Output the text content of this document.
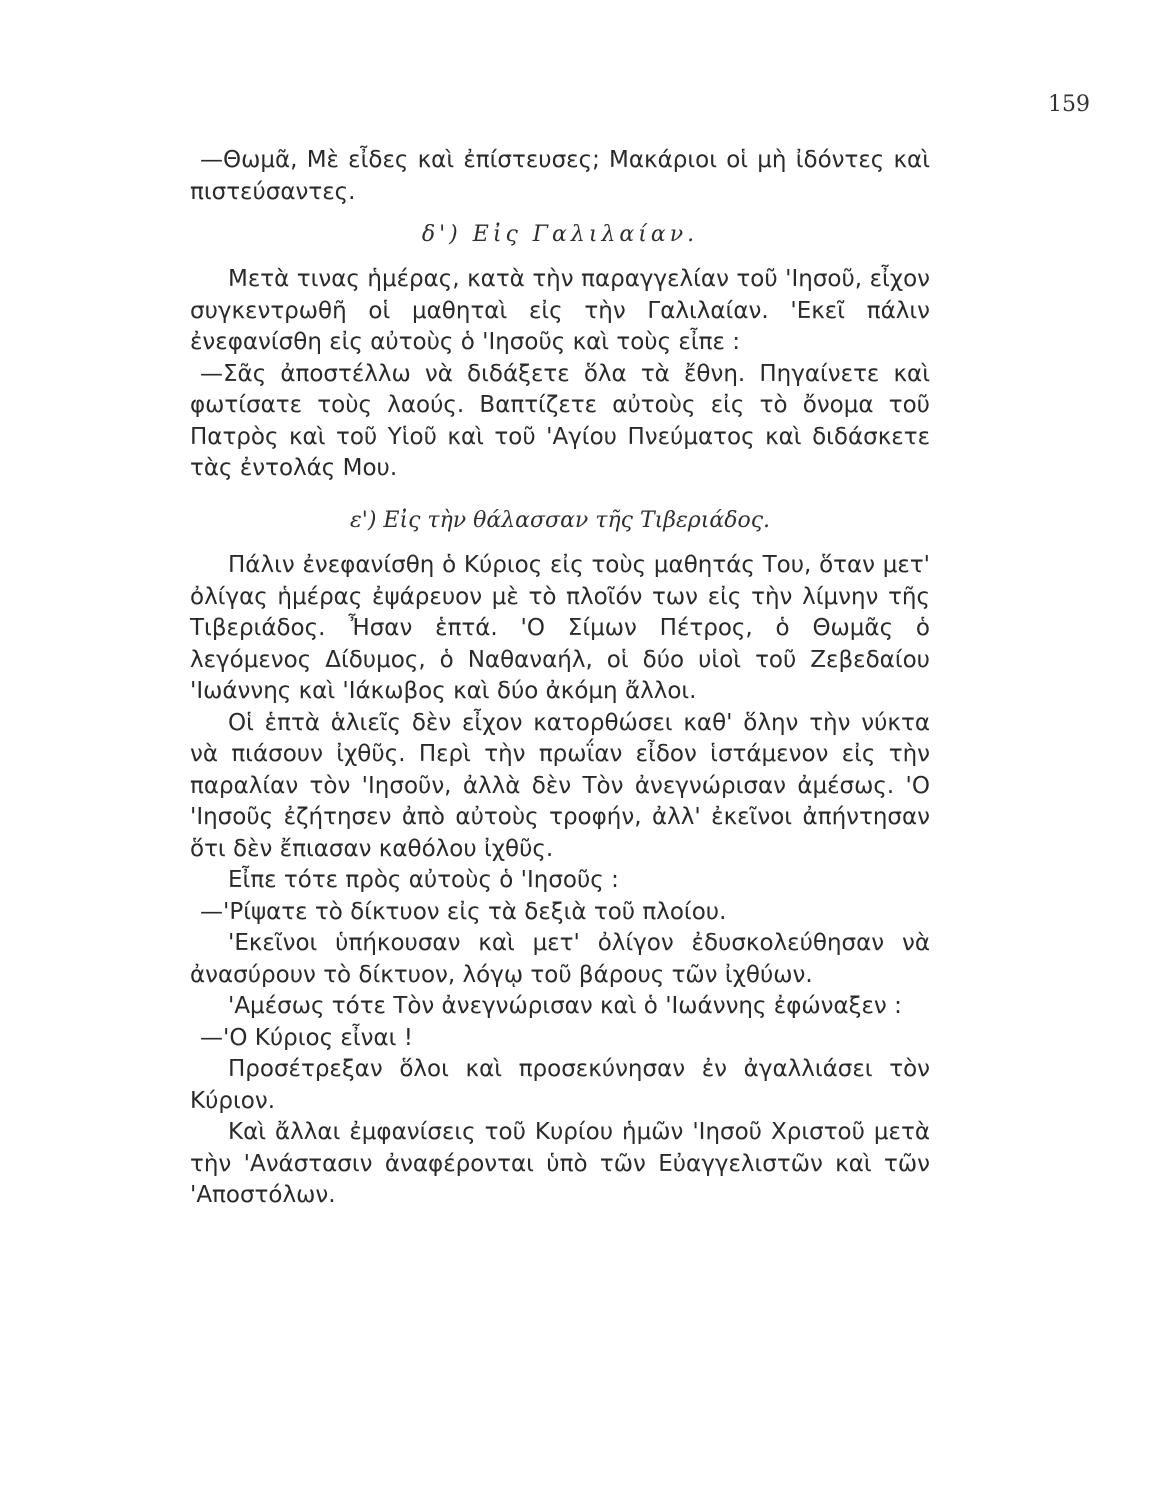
159

—Θωμᾶ, Μὲ εἶδες καὶ ἐπίστευσες; Μακάριοι οἱ μὴ ἰδόντες καὶ πιστεύσαντες.

δ') Εἰς Γαλιλαίαν.

Μετὰ τινας ἡμέρας, κατὰ τὴν παραγγελίαν τοῦ 'Ιησοῦ, εἶχον συγκεντρωθῆ οἱ μαθηταὶ εἰς τὴν Γαλιλαίαν. 'Εκεῖ πάλιν ἐνεφανίσθη εἰς αὐτοὺς ὁ 'Ιησοῦς καὶ τοὺς εἶπε :

—Σᾶς ἀποστέλλω νὰ διδάξετε ὅλα τὰ ἔθνη. Πηγαίνετε καὶ φωτίσατε τοὺς λαούς. Βαπτίζετε αὐτοὺς εἰς τὸ ὄνομα τοῦ Πατρὸς καὶ τοῦ Υἱοῦ καὶ τοῦ 'Αγίου Πνεύματος καὶ διδάσκετε τὰς ἐντολάς Μου.

ε') Εἰς τὴν θάλασσαν τῆς Τιβεριάδος.

Πάλιν ἐνεφανίσθη ὁ Κύριος εἰς τοὺς μαθητάς Του, ὅταν μετ' ὀλίγας ἡμέρας ἐψάρευον μὲ τὸ πλοῖόν των εἰς τὴν λίμνην τῆς Τιβεριάδος. Ἦσαν ἑπτά. 'Ο Σίμων Πέτρος, ὁ Θωμᾶς ὁ λεγόμενος Δίδυμος, ὁ Ναθαναήλ, οἱ δύο υἱοὶ τοῦ Ζεβεδαίου 'Ιωάννης καὶ 'Ιάκωβος καὶ δύο ἀκόμη ἄλλοι.

Οἱ ἑπτὰ ἁλιεῖς δὲν εἶχον κατορθώσει καθ' ὅλην τὴν νύκτα νὰ πιάσουν ἰχθῦς. Περὶ τὴν πρωΐαν εἶδον ἱστάμενον εἰς τὴν παραλίαν τὸν 'Ιησοῦν, ἀλλὰ δὲν Τὸν ἀνεγνώρισαν ἀμέσως. 'Ο 'Ιησοῦς ἐζήτησεν ἀπὸ αὐτοὺς τροφήν, ἀλλ' ἐκεῖνοι ἀπήντησαν ὅτι δὲν ἔπιασαν καθόλου ἰχθῦς.

Εἶπε τότε πρὸς αὐτοὺς ὁ 'Ιησοῦς :

—'Ρίψατε τὸ δίκτυον εἰς τὰ δεξιὰ τοῦ πλοίου.

'Εκεῖνοι ὑπήκουσαν καὶ μετ' ὀλίγον ἐδυσκολεύθησαν νὰ ἀνασύρουν τὸ δίκτυον, λόγῳ τοῦ βάρους τῶν ἰχθύων.

'Αμέσως τότε Τὸν ἀνεγνώρισαν καὶ ὁ 'Ιωάννης ἐφώναξεν :

—'Ο Κύριος εἶναι !

Προσέτρεξαν ὅλοι καὶ προσεκύνησαν ἐν ἀγαλλιάσει τὸν Κύριον.

Καὶ ἄλλαι ἐμφανίσεις τοῦ Κυρίου ἡμῶν 'Ιησοῦ Χριστοῦ μετὰ τὴν 'Ανάστασιν ἀναφέρονται ὑπὸ τῶν Εὐαγγελιστῶν καὶ τῶν 'Αποστόλων.
